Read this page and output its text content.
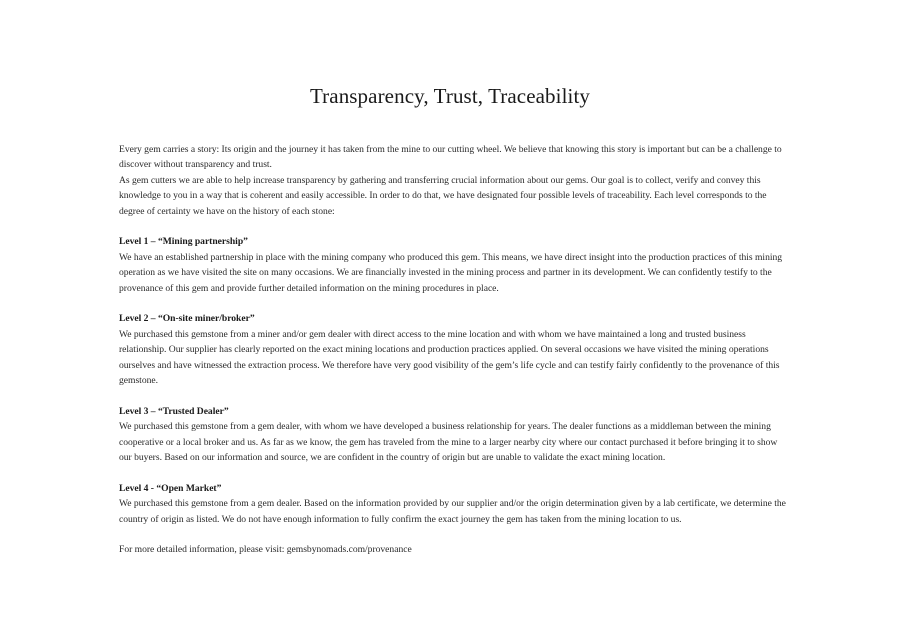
Transparency, Trust, Traceability

Every gem carries a story: Its origin and the journey it has taken from the mine to our cutting wheel. We believe that knowing this story is important but can be a challenge to discover without transparency and trust.

As gem cutters we are able to help increase transparency by gathering and transferring crucial information about our gems. Our goal is to collect, verify and convey this knowledge to you in a way that is coherent and easily accessible. In order to do that, we have designated four possible levels of traceability. Each level corresponds to the degree of certainty we have on the history of each stone:

Level 1 – “Mining partnership”

We have an established partnership in place with the mining company who produced this gem. This means, we have direct insight into the production practices of this mining operation as we have visited the site on many occasions. We are financially invested in the mining process and partner in its development. We can confidently testify to the provenance of this gem and provide further detailed information on the mining procedures in place.

Level 2 – “On-site miner/broker”

We purchased this gemstone from a miner and/or gem dealer with direct access to the mine location and with whom we have maintained a long and trusted business relationship. Our supplier has clearly reported on the exact mining locations and production practices applied. On several occasions we have visited the mining operations ourselves and have witnessed the extraction process. We therefore have very good visibility of the gem’s life cycle and can testify fairly confidently to the provenance of this gemstone.

Level 3 – “Trusted Dealer”

We purchased this gemstone from a gem dealer, with whom we have developed a business relationship for years. The dealer functions as a middleman between the mining cooperative or a local broker and us. As far as we know, the gem has traveled from the mine to a larger nearby city where our contact purchased it before bringing it to show our buyers. Based on our information and source, we are confident in the country of origin but are unable to validate the exact mining location.

Level 4 - “Open Market”

We purchased this gemstone from a gem dealer. Based on the information provided by our supplier and/or the origin determination given by a lab certificate, we determine the country of origin as listed. We do not have enough information to fully confirm the exact journey the gem has taken from the mining location to us.

For more detailed information, please visit: gemsbynomads.com/provenance
